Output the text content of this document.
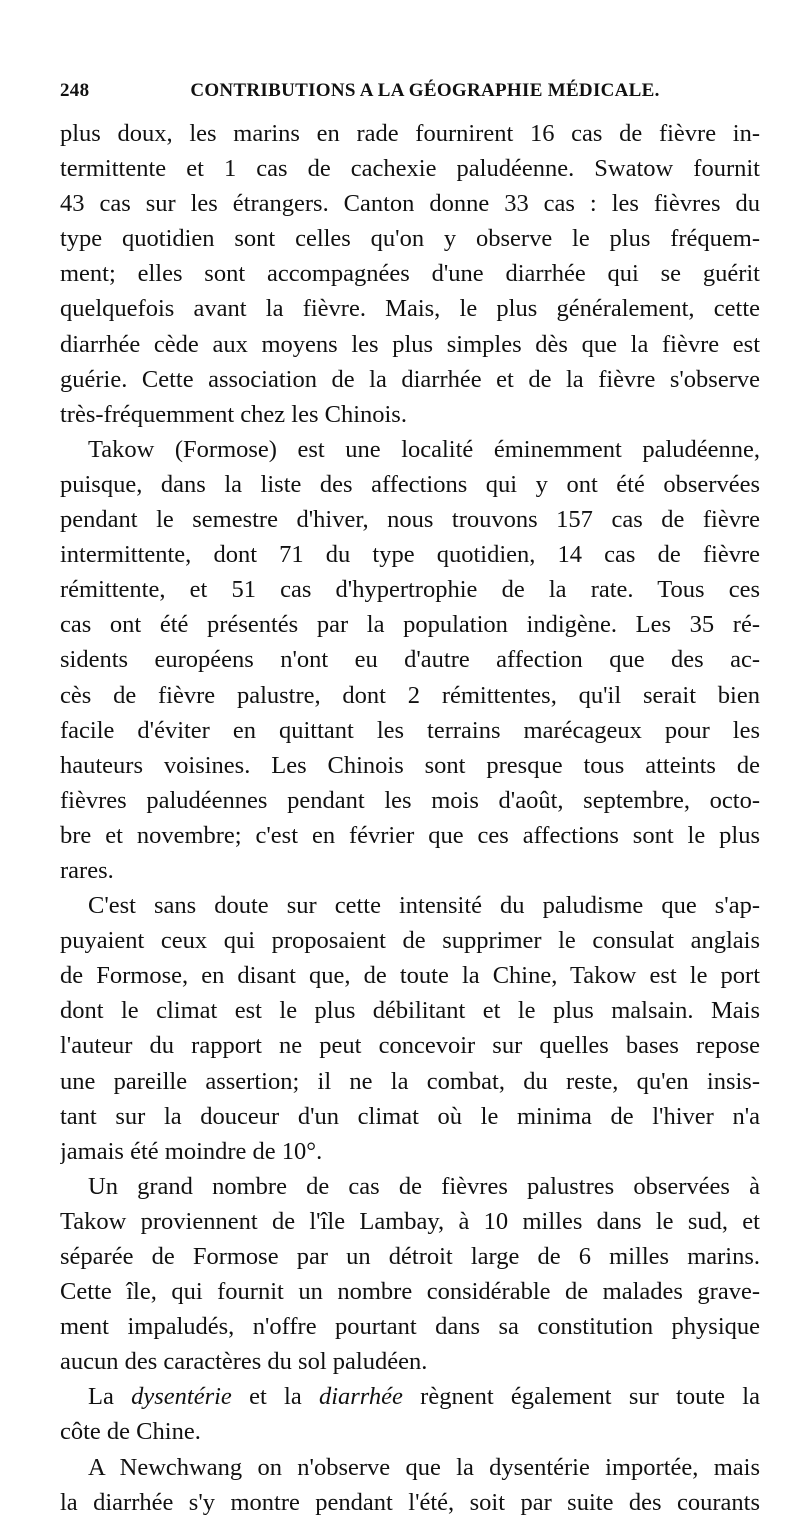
248	CONTRIBUTIONS A LA GÉOGRAPHIE MÉDICALE.
plus doux, les marins en rade fournirent 16 cas de fièvre in-
termittente et 1 cas de cachexie paludéenne. Swatow fournit
43 cas sur les étrangers. Canton donne 33 cas : les fièvres du
type quotidien sont celles qu'on y observe le plus fréquem-
ment; elles sont accompagnées d'une diarrhée qui se guérit
quelquefois avant la fièvre. Mais, le plus généralement, cette
diarrhée cède aux moyens les plus simples dès que la fièvre est
guérie. Cette association de la diarrhée et de la fièvre s'observe
très-fréquemment chez les Chinois.
Takow (Formose) est une localité éminemment paludéenne,
puisque, dans la liste des affections qui y ont été observées
pendant le semestre d'hiver, nous trouvons 157 cas de fièvre
intermittente, dont 71 du type quotidien, 14 cas de fièvre
rémittente, et 51 cas d'hypertrophie de la rate. Tous ces
cas ont été présentés par la population indigène. Les 35 ré-
sidents européens n'ont eu d'autre affection que des ac-
cès de fièvre palustre, dont 2 rémittentes, qu'il serait bien
facile d'éviter en quittant les terrains marécageux pour les
hauteurs voisines. Les Chinois sont presque tous atteints de
fièvres paludéennes pendant les mois d'août, septembre, octo-
bre et novembre; c'est en février que ces affections sont le plus
rares.
C'est sans doute sur cette intensité du paludisme que s'ap-
puyaient ceux qui proposaient de supprimer le consulat anglais
de Formose, en disant que, de toute la Chine, Takow est le port
dont le climat est le plus débilitant et le plus malsain. Mais
l'auteur du rapport ne peut concevoir sur quelles bases repose
une pareille assertion; il ne la combat, du reste, qu'en insis-
tant sur la douceur d'un climat où le minima de l'hiver n'a
jamais été moindre de 10°.
Un grand nombre de cas de fièvres palustres observées à
Takow proviennent de l'île Lambay, à 10 milles dans le sud, et
séparée de Formose par un détroit large de 6 milles marins.
Cette île, qui fournit un nombre considérable de malades grave-
ment impaludés, n'offre pourtant dans sa constitution physique
aucun des caractères du sol paludéen.
La dysentérie et la diarrhée règnent également sur toute la
côte de Chine.
A Newchwang on n'observe que la dysentérie importée, mais
la diarrhée s'y montre pendant l'été, soit par suite des courants
